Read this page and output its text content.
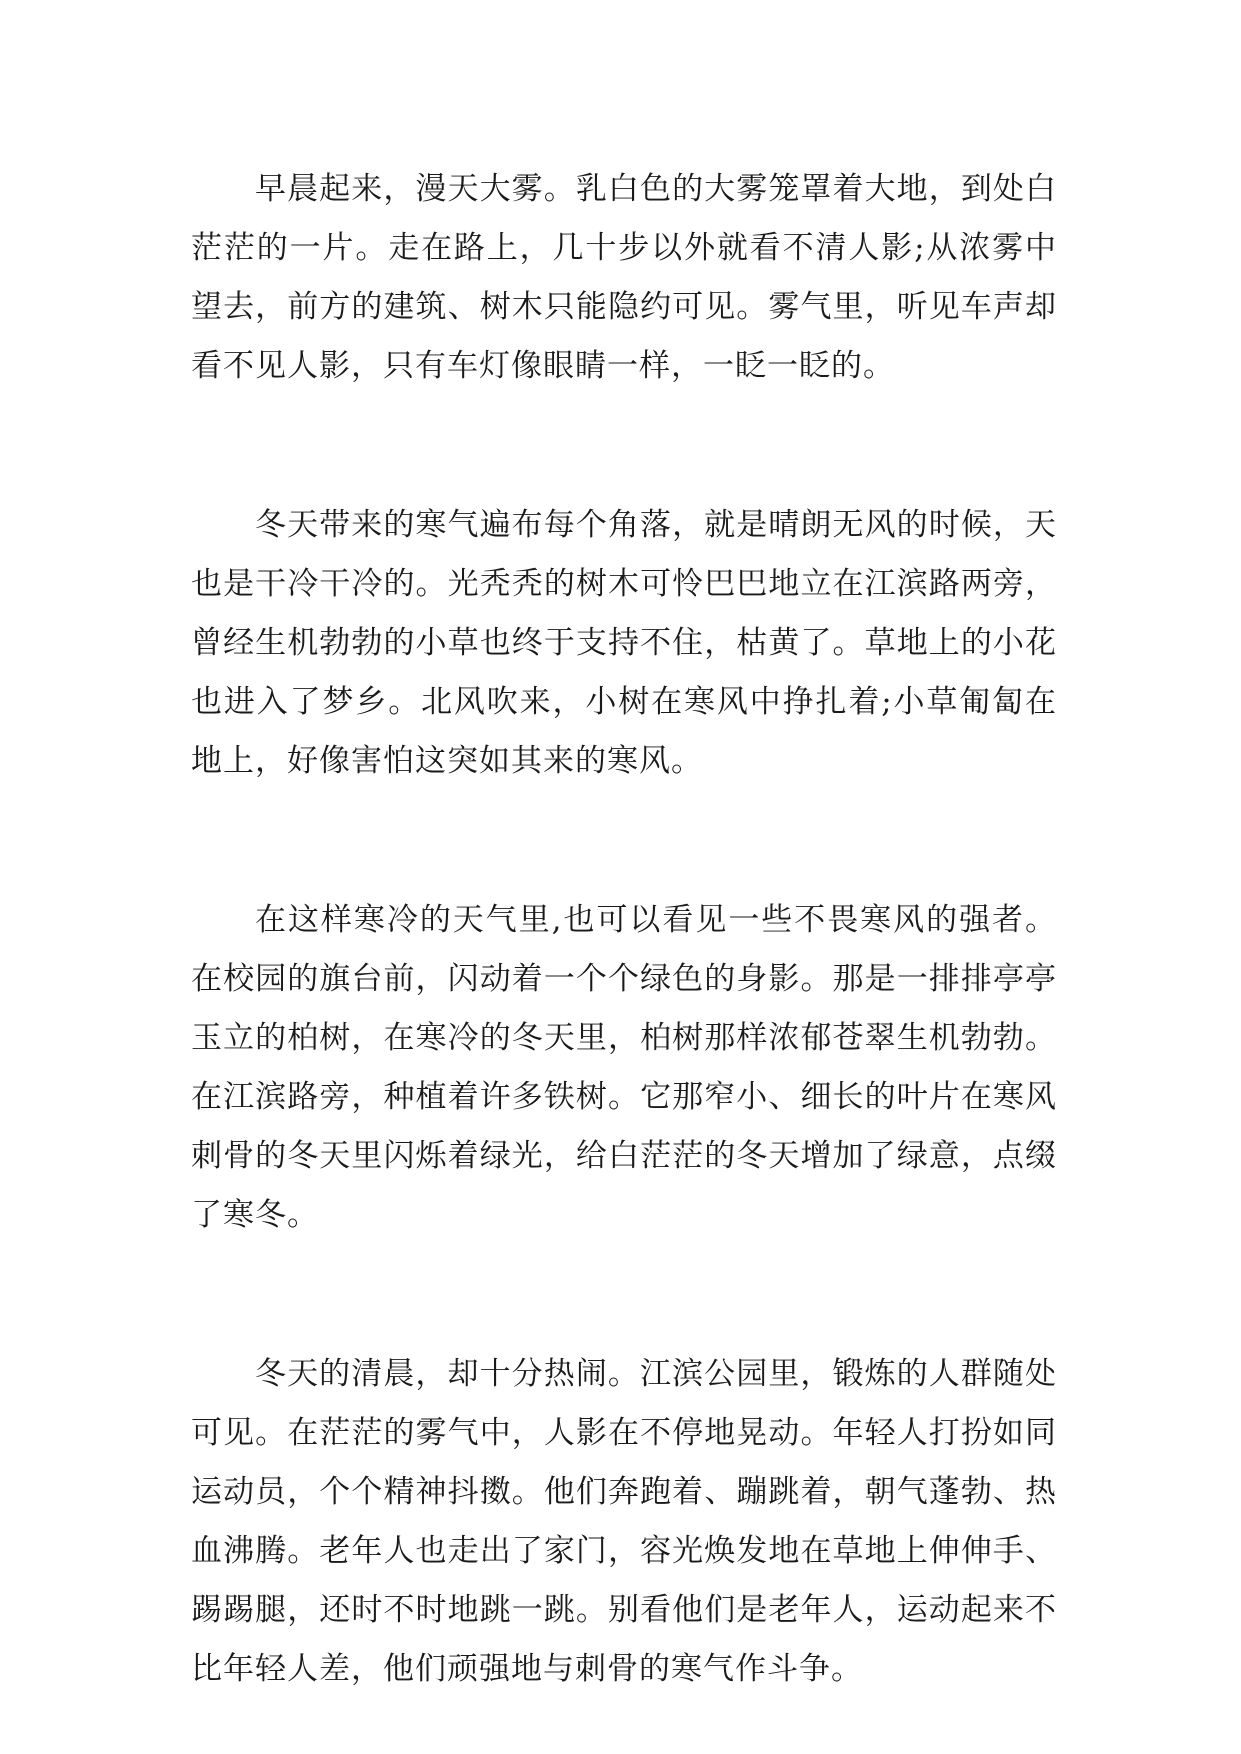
早晨起来，漫天大雾。乳白色的大雾笼罩着大地，到处白茫茫的一片。走在路上，几十步以外就看不清人影;从浓雾中望去，前方的建筑、树木只能隐约可见。雾气里，听见车声却看不见人影，只有车灯像眼睛一样，一眨一眨的。

冬天带来的寒气遍布每个角落，就是晴朗无风的时候，天也是干冷干冷的。光秃秃的树木可怜巴巴地立在江滨路两旁，曾经生机勃勃的小草也终于支持不住，枯黄了。草地上的小花也进入了梦乡。北风吹来，小树在寒风中挣扎着;小草匍匐在地上，好像害怕这突如其来的寒风。

在这样寒冷的天气里,也可以看见一些不畏寒风的强者。在校园的旗台前，闪动着一个个绿色的身影。那是一排排亭亭玉立的柏树，在寒冷的冬天里，柏树那样浓郁苍翠生机勃勃。在江滨路旁，种植着许多铁树。它那窄小、细长的叶片在寒风刺骨的冬天里闪烁着绿光，给白茫茫的冬天增加了绿意，点缀了寒冬。

冬天的清晨，却十分热闹。江滨公园里，锻炼的人群随处可见。在茫茫的雾气中，人影在不停地晃动。年轻人打扮如同运动员，个个精神抖擞。他们奔跑着、蹦跳着，朝气蓬勃、热血沸腾。老年人也走出了家门，容光焕发地在草地上伸伸手、踢踢腿，还时不时地跳一跳。别看他们是老年人，运动起来不比年轻人差，他们顽强地与刺骨的寒气作斗争。
